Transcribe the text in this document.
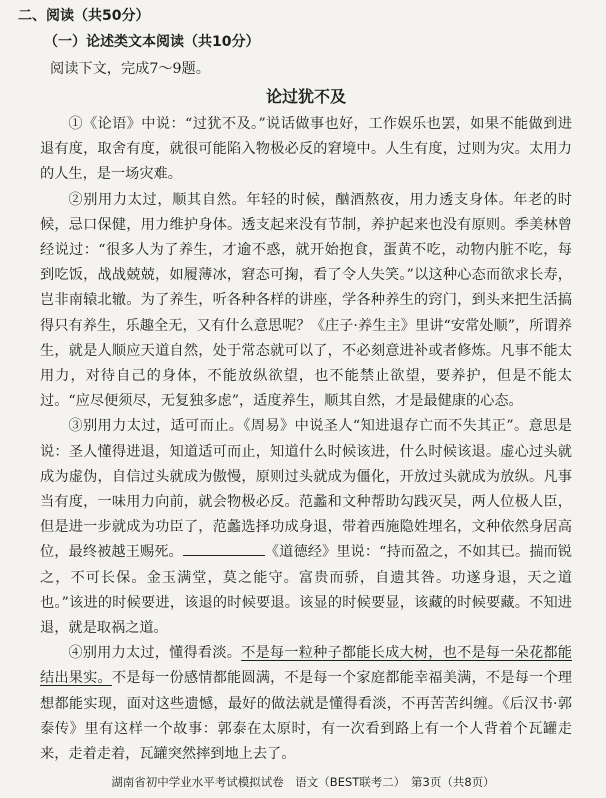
二、阅读（共50分）
（一）论述类文本阅读（共10分）
阅读下文，完成7～9题。
论过犹不及

①《论语》中说：“过犹不及。”说话做事也好，工作娱乐也罢，如果不能做到进退有度，取舍有度，就很可能陷入物极必反的窘境中。人生有度，过则为灾。太用力的人生，是一场灾难。

②别用力太过，顺其自然。年轻的时候，酗酒熬夜，用力透支身体。年老的时候，忌口保健，用力维护身体。透支起来没有节制，养护起来也没有原则。季美林曾经说过：“很多人为了养生，才逾不惑，就开始抱食，蛋黄不吃，动物内脏不吃，每到吃饭，战战兢兢，如履薄冰，窘态可掬，看了令人失笑。”以这种心态而欲求长寿，岂非南辕北辙。为了养生，听各种各样的讲座，学各种养生的窍门，到头来把生活搞得只有养生，乐趣全无，又有什么意思呢？《庄子·养生主》里讲“安常处顺”，所谓养生，就是人顺应天道自然，处于常态就可以了，不必刻意进补或者修炼。凡事不能太用力，对待自己的身体，不能放纵欲望，也不能禁止欲望，要养护，但是不能太过。“应尽便须尽，无复独多虑”，适度养生，顺其自然，才是最健康的心态。

③别用力太过，适可而止。《周易》中说圣人“知进退存亡而不失其正”。意思是说：圣人懂得进退，知道适可而止，知道什么时候该进，什么时候该退。虚心过头就成为虚伪，自信过头就成为傲慢，原则过头就成为僵化，开放过头就成为放纵。凡事当有度，一味用力向前，就会物极必反。范蠡和文种帮助勾践灭吴，两人位极人臣，但是进一步就成为功臣了，范蠡选择功成身退，带着西施隐姓埋名，文种依然身居高位，最终被越王赐死。	《道德经》里说：“持而盈之，不如其已。揣而锐之，不可长保。金玉满堂，莫之能守。富贵而骄，自遗其咎。功遂身退，天之道也。”该进的时候要进，该退的时候要退。该显的时候要显，该藏的时候要藏。不知进退，就是取祸之道。

④别用力太过，懂得看淡。不是每一粒种子都能长成大树，也不是每一朵花都能结出果实。不是每一份感情都能圆满，不是每一个家庭都能幸福美满，不是每一个理想都能实现，面对这些遗憾，最好的做法就是懂得看淡，不再苦苦纠缠。《后汉书·郭泰传》里有这样一个故事：郭泰在太原时，有一次看到路上有一个人背着个瓦罐走来，走着走着，瓦罐突然摔到地上去了。

湖南省初中学业水平考试模拟试卷　语文（BEST联考二）　第3页（共8页）
